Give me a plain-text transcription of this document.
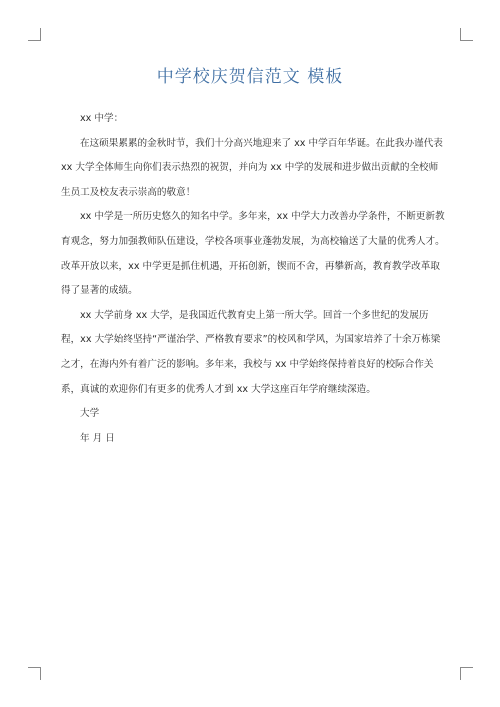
中学校庆贺信范文 模板

xx 中学：

在这硕果累累的金秋时节，我们十分高兴地迎来了 xx 中学百年华诞。在此我办谨代表 xx 大学全体师生向你们表示热烈的祝贺，并向为 xx 中学的发展和进步做出贡献的全校师生员工及校友表示崇高的敬意！

xx 中学是一所历史悠久的知名中学。多年来，xx 中学大力改善办学条件，不断更新教育观念，努力加强教师队伍建设，学校各项事业蓬勃发展，为高校输送了大量的优秀人才。改革开放以来，xx 中学更是抓住机遇，开拓创新，锲而不舍，再攀新高，教育教学改革取得了显著的成绩。

xx 大学前身 xx 大学，是我国近代教育史上第一所大学。回首一个多世纪的发展历程，xx 大学始终坚持“严谨治学、严格教育要求”的校风和学风，为国家培养了十余万栋梁之才，在海内外有着广泛的影响。多年来，我校与 xx 中学始终保持着良好的校际合作关系，真诚的欢迎你们有更多的优秀人才到 xx 大学这座百年学府继续深造。

大学

年 月 日
